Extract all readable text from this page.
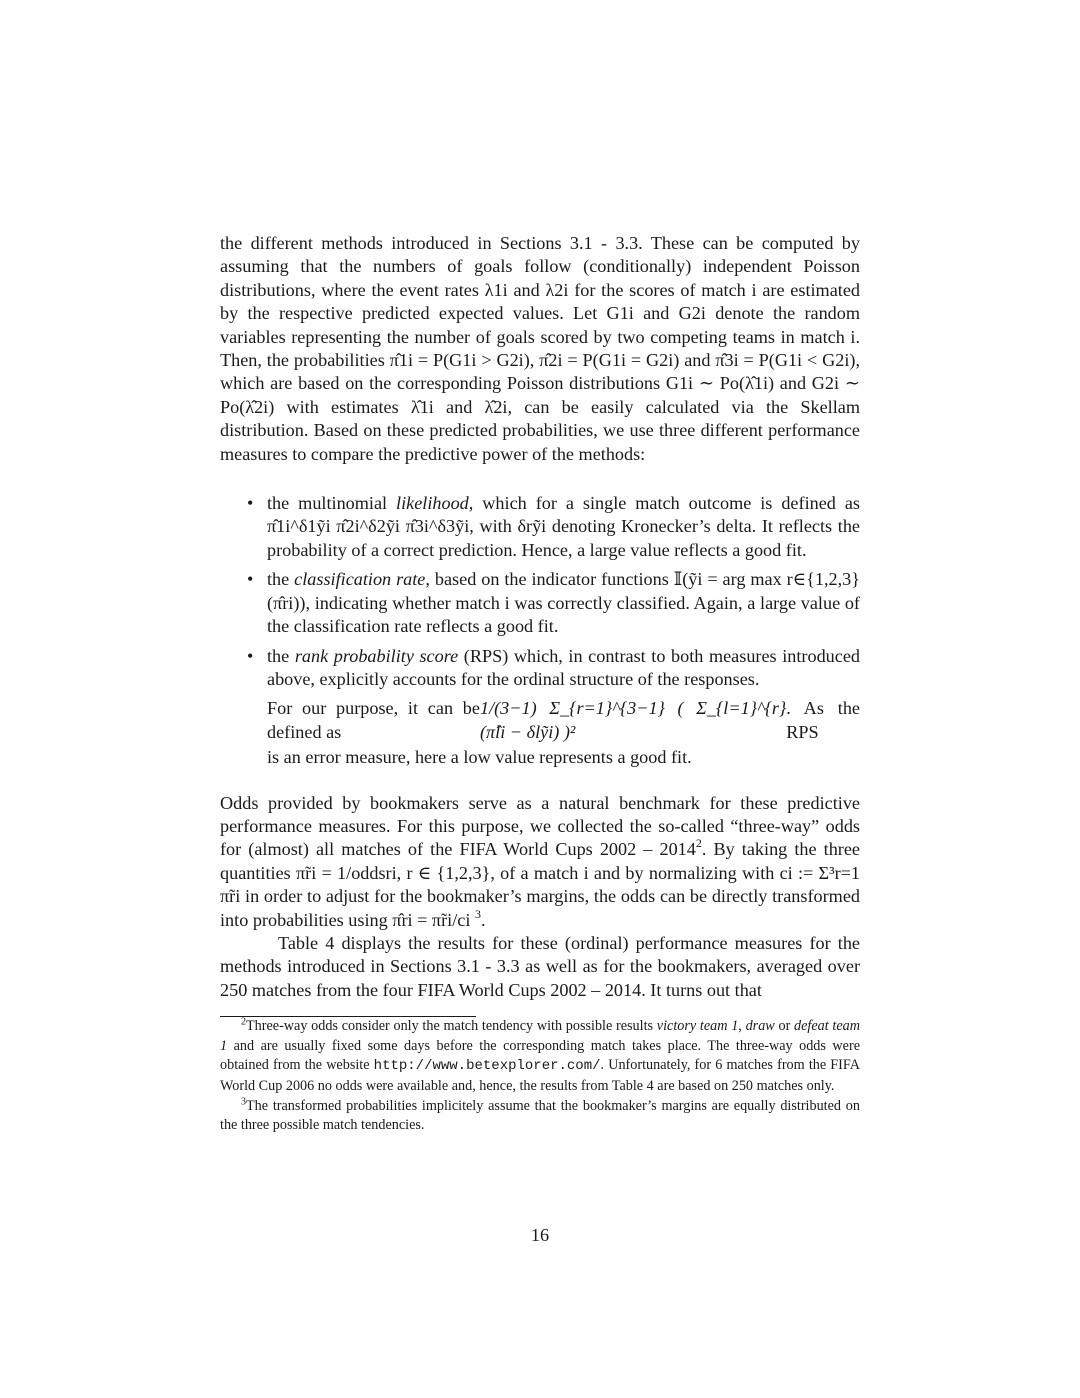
the different methods introduced in Sections 3.1 - 3.3. These can be computed by assuming that the numbers of goals follow (conditionally) independent Poisson distributions, where the event rates λ1i and λ2i for the scores of match i are estimated by the respective predicted expected values. Let G1i and G2i denote the random variables representing the number of goals scored by two competing teams in match i. Then, the probabilities π̂1i = P(G1i > G2i), π̂2i = P(G1i = G2i) and π̂3i = P(G1i < G2i), which are based on the corresponding Poisson distributions G1i ∼ Po(λ̂1i) and G2i ∼ Po(λ̂2i) with estimates λ̂1i and λ̂2i, can be easily calculated via the Skellam distribution. Based on these predicted probabilities, we use three different performance measures to compare the predictive power of the methods:

• the multinomial likelihood, which for a single match outcome is defined as π̂1i^δ1ỹi π̂2i^δ2ỹi π̂3i^δ3ỹi, with δrỹi denoting Kronecker’s delta. It reflects the probability of a correct prediction. Hence, a large value reflects a good fit.
• the classification rate, based on the indicator functions 𝕀(ỹi = arg max r∈{1,2,3} (π̂ri)), indicating whether match i was correctly classified. Again, a large value of the classification rate reflects a good fit.
• the rank probability score (RPS) which, in contrast to both measures introduced above, explicitly accounts for the ordinal structure of the responses.
For our purpose, it can be defined as
1/(3−1) Σ_{r=1}^{3−1} ( Σ_{l=1}^{r} (π̂li − δlỹi) )²
. As the RPS
is an error measure, here a low value represents a good fit.

Odds provided by bookmakers serve as a natural benchmark for these predictive performance measures. For this purpose, we collected the so-called “three-way” odds for (almost) all matches of the FIFA World Cups 2002 – 2014$^2$. By taking the three quantities π̃ri = 1/oddsri, r ∈ {1,2,3}, of a match i and by normalizing with ci := Σ³r=1 π̃ri in order to adjust for the bookmaker’s margins, the odds can be directly transformed into probabilities using π̂ri = π̃ri/ci $^3$.

Table 4 displays the results for these (ordinal) performance measures for the methods introduced in Sections 3.1 - 3.3 as well as for the bookmakers, averaged over 250 matches from the four FIFA World Cups 2002 – 2014. It turns out that

$^2$Three-way odds consider only the match tendency with possible results victory team 1, draw or defeat team 1 and are usually fixed some days before the corresponding match takes place. The three-way odds were obtained from the website http://www.betexplorer.com/. Unfortunately, for 6 matches from the FIFA World Cup 2006 no odds were available and, hence, the results from Table 4 are based on 250 matches only.

$^3$The transformed probabilities implicitely assume that the bookmaker’s margins are equally distributed on the three possible match tendencies.

16
